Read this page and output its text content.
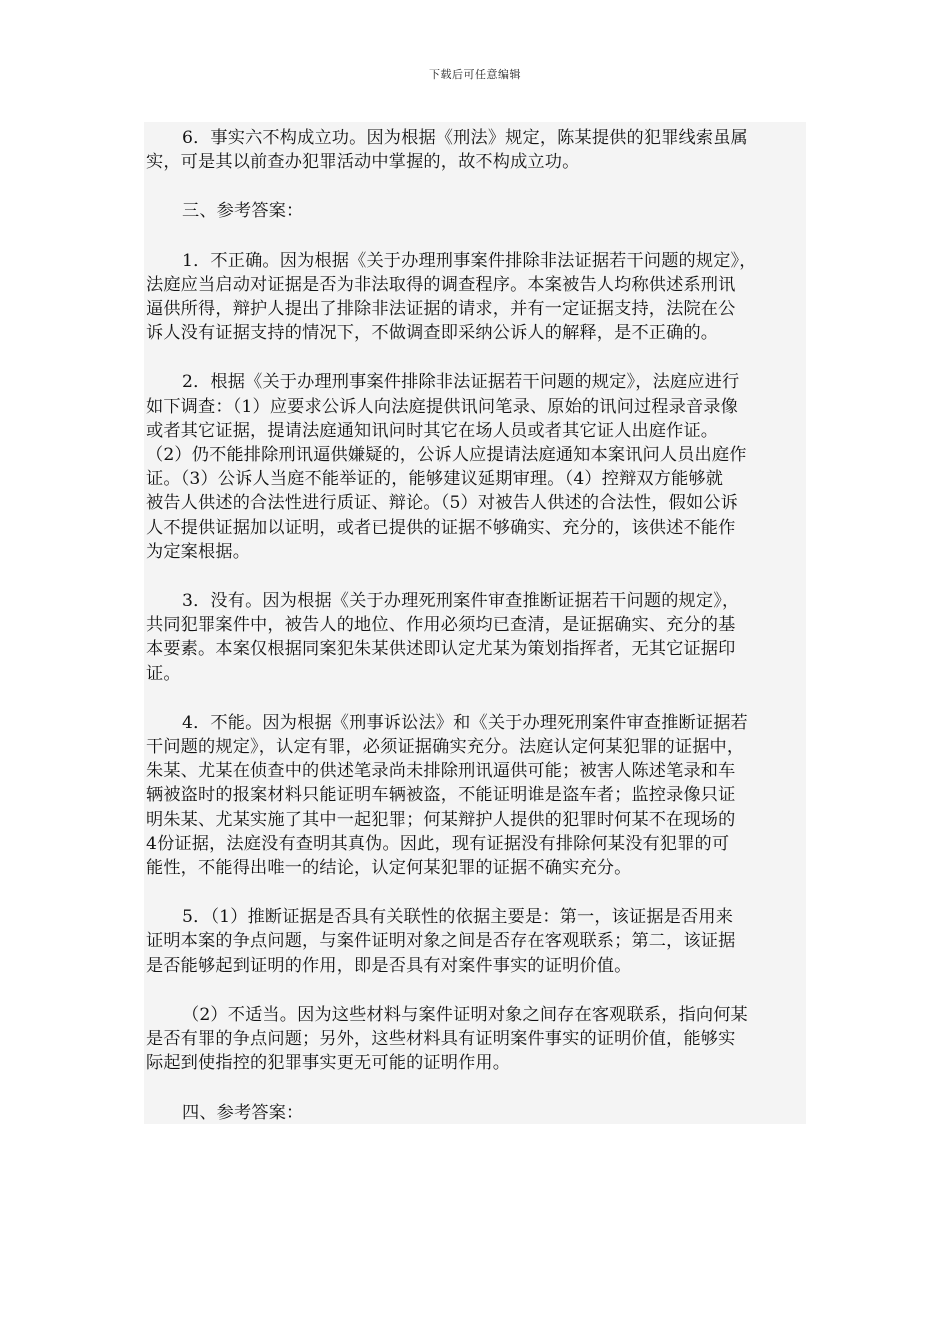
下载后可任意编辑
6．事实六不构成立功。因为根据《刑法》规定，陈某提供的犯罪线索虽属
实，可是其以前查办犯罪活动中掌握的，故不构成立功。
三、参考答案：
1．不正确。因为根据《关于办理刑事案件排除非法证据若干问题的规定》，
法庭应当启动对证据是否为非法取得的调查程序。本案被告人均称供述系刑讯
逼供所得，辩护人提出了排除非法证据的请求，并有一定证据支持，法院在公
诉人没有证据支持的情况下，不做调查即采纳公诉人的解释，是不正确的。
2．根据《关于办理刑事案件排除非法证据若干问题的规定》，法庭应进行
如下调查：（1）应要求公诉人向法庭提供讯问笔录、原始的讯问过程录音录像
或者其它证据，提请法庭通知讯问时其它在场人员或者其它证人出庭作证。
（2）仍不能排除刑讯逼供嫌疑的，公诉人应提请法庭通知本案讯问人员出庭作
证。（3）公诉人当庭不能举证的，能够建议延期审理。（4）控辩双方能够就
被告人供述的合法性进行质证、辩论。（5）对被告人供述的合法性，假如公诉
人不提供证据加以证明，或者已提供的证据不够确实、充分的，该供述不能作
为定案根据。
3．没有。因为根据《关于办理死刑案件审查推断证据若干问题的规定》，
共同犯罪案件中，被告人的地位、作用必须均已查清，是证据确实、充分的基
本要素。本案仅根据同案犯朱某供述即认定尤某为策划指挥者，无其它证据印
证。
4．不能。因为根据《刑事诉讼法》和《关于办理死刑案件审查推断证据若
干问题的规定》，认定有罪，必须证据确实充分。法庭认定何某犯罪的证据中，
朱某、尤某在侦查中的供述笔录尚未排除刑讯逼供可能；被害人陈述笔录和车
辆被盗时的报案材料只能证明车辆被盗，不能证明谁是盗车者；监控录像只证
明朱某、尤某实施了其中一起犯罪；何某辩护人提供的犯罪时何某不在现场的
4份证据，法庭没有查明其真伪。因此，现有证据没有排除何某没有犯罪的可
能性，不能得出唯一的结论，认定何某犯罪的证据不确实充分。
5．（1）推断证据是否具有关联性的依据主要是：第一，该证据是否用来
证明本案的争点问题，与案件证明对象之间是否存在客观联系；第二，该证据
是否能够起到证明的作用，即是否具有对案件事实的证明价值。
（2）不适当。因为这些材料与案件证明对象之间存在客观联系，指向何某
是否有罪的争点问题；另外，这些材料具有证明案件事实的证明价值，能够实
际起到使指控的犯罪事实更无可能的证明作用。
四、参考答案：
